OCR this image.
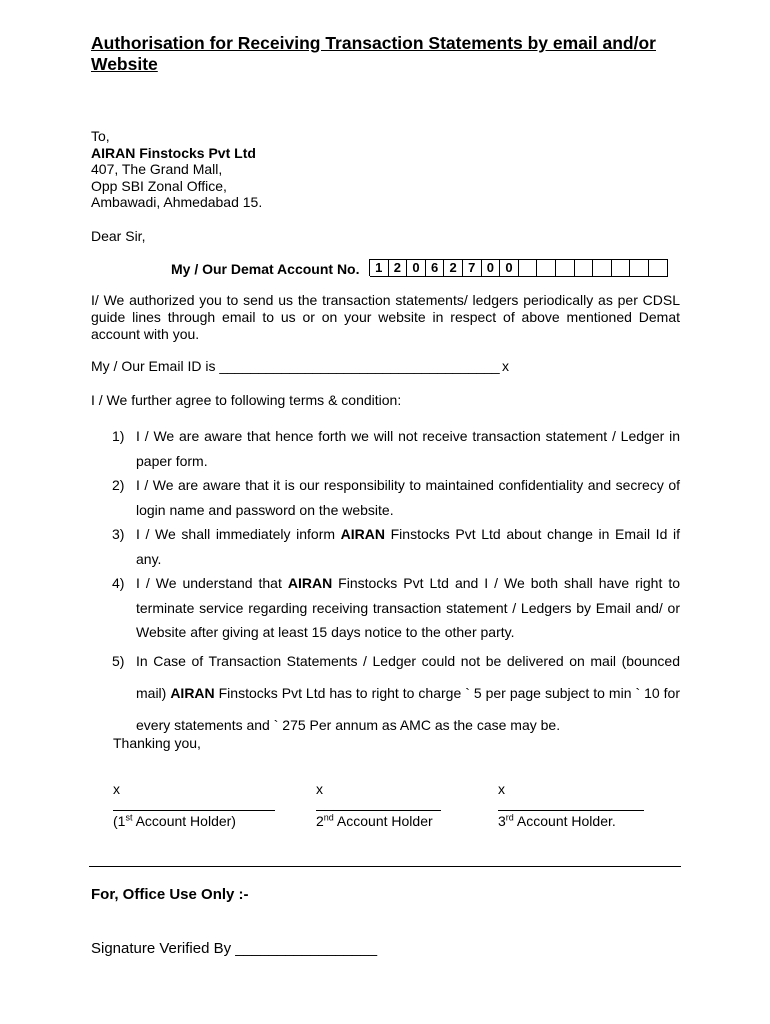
Authorisation for Receiving Transaction Statements by email and/or Website
To,
AIRAN Finstocks Pvt Ltd
407, The Grand Mall,
Opp SBI Zonal Office,
Ambawadi, Ahmedabad 15.
Dear Sir,
My / Our Demat Account No.	1 2 0 6 2 7 0 0
I/ We authorized you to send us the transaction statements/ ledgers periodically as per CDSL guide lines through email to us or on your website in respect of above mentioned Demat account with you.
My / Our Email ID is ____________________________________ x
I / We further agree to following terms & condition:
1) I / We are aware that hence forth we will not receive transaction statement / Ledger in paper form.
2) I / We are aware that it is our responsibility to maintained confidentiality and secrecy of login name and password on the website.
3) I / We shall immediately inform AIRAN Finstocks Pvt Ltd about change in Email Id if any.
4) I / We understand that AIRAN Finstocks Pvt Ltd and I / We both shall have right to terminate service regarding receiving transaction statement / Ledgers by Email and/ or Website after giving at least 15 days notice to the other party.
5) In Case of Transaction Statements / Ledger could not be delivered on mail (bounced mail) AIRAN Finstocks Pvt Ltd has to right to charge ` 5 per page subject to min ` 10 for every statements and ` 275 Per annum as AMC as the case may be.
Thanking you,
x
(1st Account Holder)
x
2nd Account Holder
x
3rd Account Holder.
For, Office Use Only :-
Signature Verified By _________________
